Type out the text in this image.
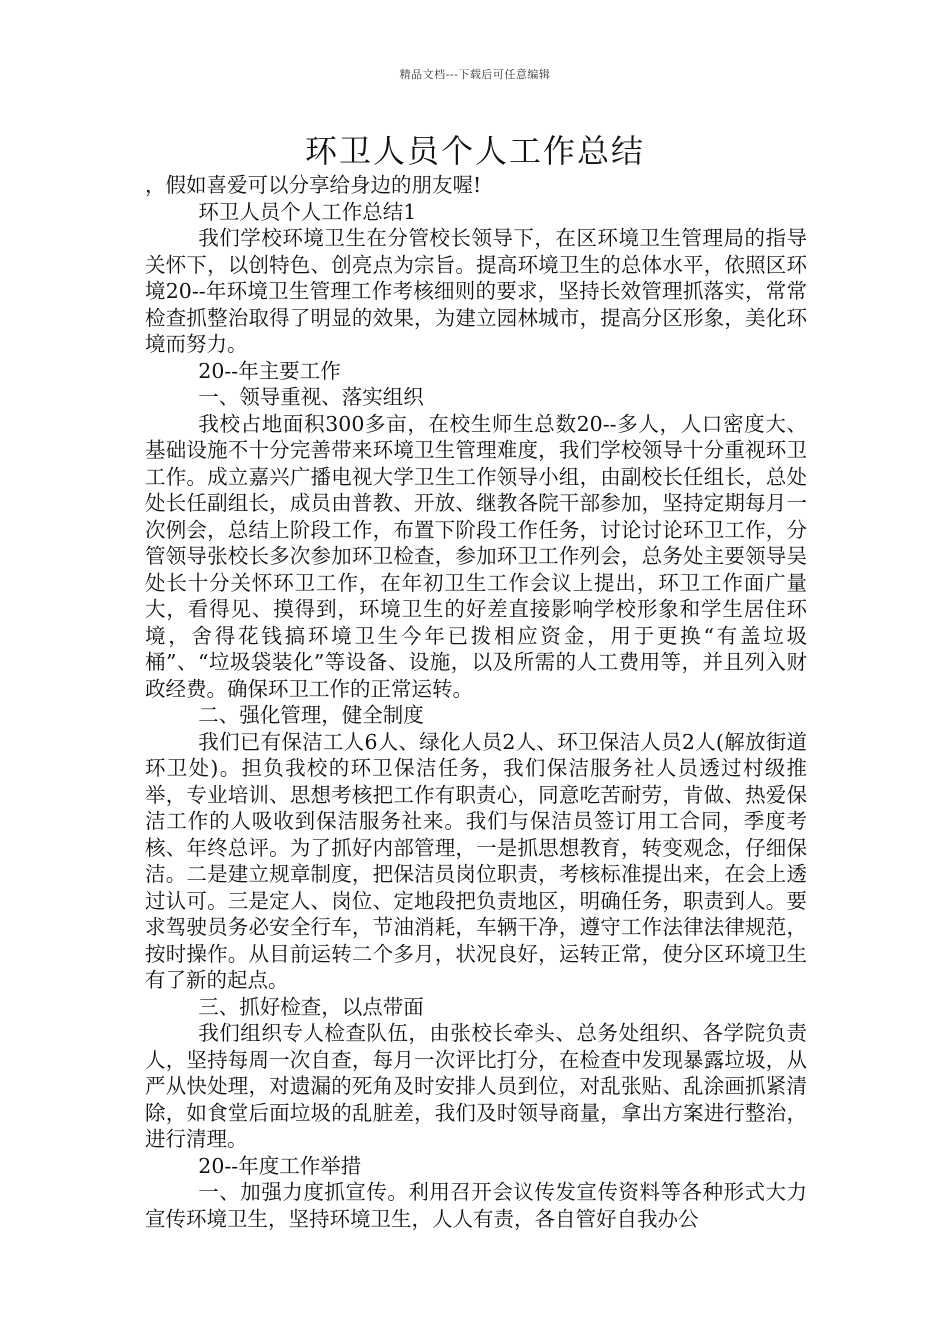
精品文档---下载后可任意编辑
环卫人员个人工作总结

，假如喜爱可以分享给身边的朋友喔!

环卫人员个人工作总结1

我们学校环境卫生在分管校长领导下，在区环境卫生管理局的指导关怀下，以创特色、创亮点为宗旨。提高环境卫生的总体水平，依照区环境20--年环境卫生管理工作考核细则的要求，坚持长效管理抓落实，常常检查抓整治取得了明显的效果，为建立园林城市，提高分区形象，美化环境而努力。

20--年主要工作

一、领导重视、落实组织

我校占地面积300多亩，在校生师生总数20--多人，人口密度大、基础设施不十分完善带来环境卫生管理难度，我们学校领导十分重视环卫工作。成立嘉兴广播电视大学卫生工作领导小组，由副校长任组长，总处处长任副组长，成员由普教、开放、继教各院干部参加，坚持定期每月一次例会，总结上阶段工作，布置下阶段工作任务，讨论讨论环卫工作，分管领导张校长多次参加环卫检查，参加环卫工作列会，总务处主要领导吴处长十分关怀环卫工作，在年初卫生工作会议上提出，环卫工作面广量大，看得见、摸得到，环境卫生的好差直接影响学校形象和学生居住环境，舍得花钱搞环境卫生今年已拨相应资金，用于更换“有盖垃圾桶”、“垃圾袋装化”等设备、设施，以及所需的人工费用等，并且列入财政经费。确保环卫工作的正常运转。

二、强化管理，健全制度

我们已有保洁工人6人、绿化人员2人、环卫保洁人员2人(解放街道环卫处)。担负我校的环卫保洁任务，我们保洁服务社人员透过村级推举，专业培训、思想考核把工作有职责心，同意吃苦耐劳，肯做、热爱保洁工作的人吸收到保洁服务社来。我们与保洁员签订用工合同，季度考核、年终总评。为了抓好内部管理，一是抓思想教育，转变观念，仔细保洁。二是建立规章制度，把保洁员岗位职责，考核标准提出来，在会上透过认可。三是定人、岗位、定地段把负责地区，明确任务，职责到人。要求驾驶员务必安全行车，节油消耗，车辆干净，遵守工作法律法律规范，按时操作。从目前运转二个多月，状况良好，运转正常，使分区环境卫生有了新的起点。

三、抓好检查，以点带面

我们组织专人检查队伍，由张校长牵头、总务处组织、各学院负责人，坚持每周一次自查，每月一次评比打分，在检查中发现暴露垃圾，从严从快处理，对遗漏的死角及时安排人员到位，对乱张贴、乱涂画抓紧清除，如食堂后面垃圾的乱脏差，我们及时领导商量，拿出方案进行整治，进行清理。

20--年度工作举措

一、加强力度抓宣传。利用召开会议传发宣传资料等各种形式大力宣传环境卫生，坚持环境卫生，人人有责，各自管好自我办公
